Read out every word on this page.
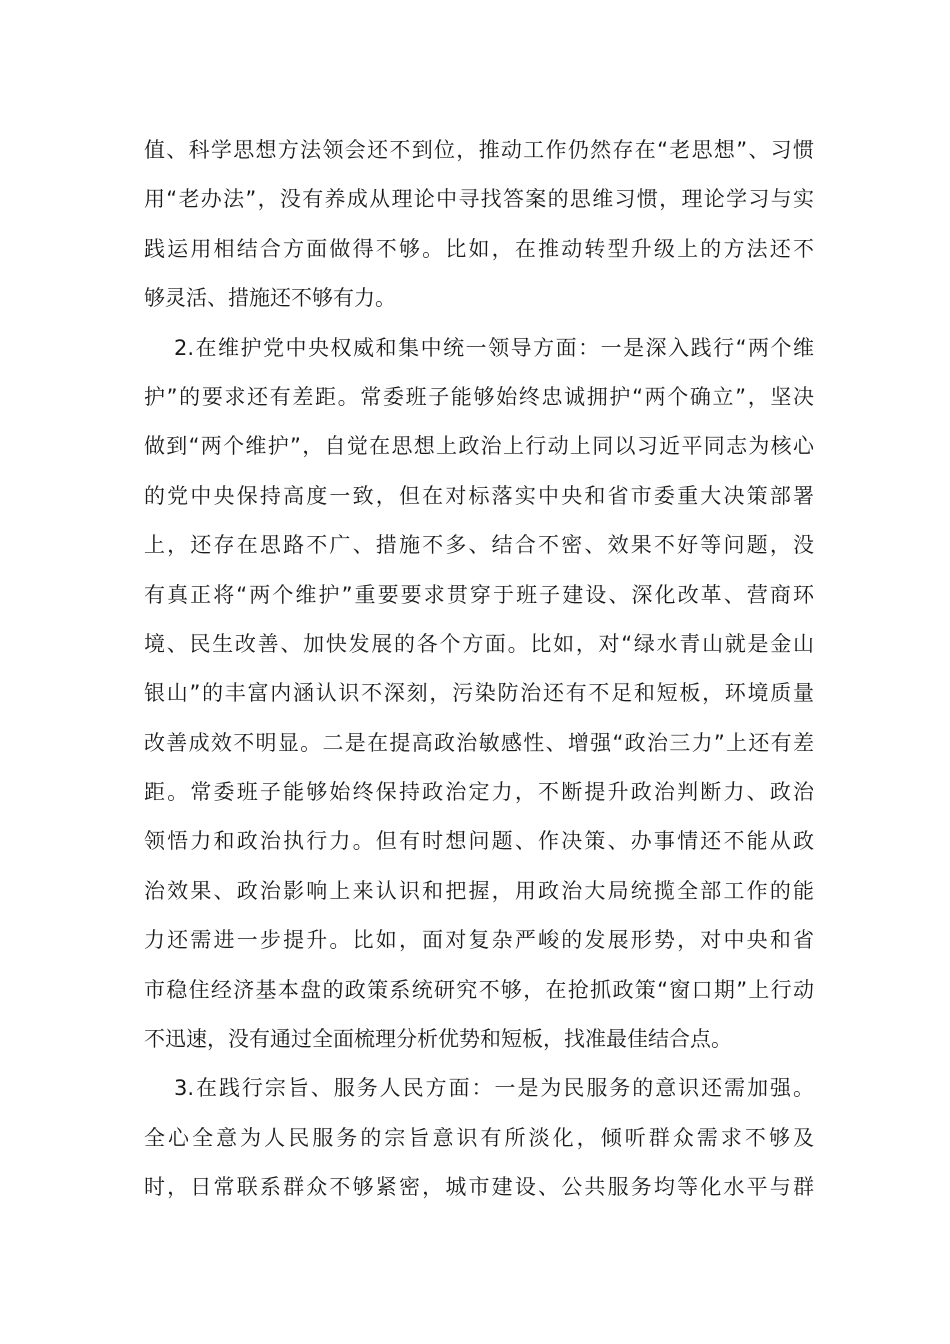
值、科学思想方法领会还不到位，推动工作仍然存在“老思想”、习惯
用“老办法”，没有养成从理论中寻找答案的思维习惯，理论学习与实
践运用相结合方面做得不够。比如，在推动转型升级上的方法还不
够灵活、措施还不够有力。
2.在维护党中央权威和集中统一领导方面：一是深入践行“两个维
护”的要求还有差距。常委班子能够始终忠诚拥护“两个确立”，坚决
做到“两个维护”，自觉在思想上政治上行动上同以习近平同志为核心
的党中央保持高度一致，但在对标落实中央和省市委重大决策部署
上，还存在思路不广、措施不多、结合不密、效果不好等问题，没
有真正将“两个维护”重要要求贯穿于班子建设、深化改革、营商环
境、民生改善、加快发展的各个方面。比如，对“绿水青山就是金山
银山”的丰富内涵认识不深刻，污染防治还有不足和短板，环境质量
改善成效不明显。二是在提高政治敏感性、增强“政治三力”上还有差
距。常委班子能够始终保持政治定力，不断提升政治判断力、政治
领悟力和政治执行力。但有时想问题、作决策、办事情还不能从政
治效果、政治影响上来认识和把握，用政治大局统揽全部工作的能
力还需进一步提升。比如，面对复杂严峻的发展形势，对中央和省
市稳住经济基本盘的政策系统研究不够，在抢抓政策“窗口期”上行动
不迅速，没有通过全面梳理分析优势和短板，找准最佳结合点。
3.在践行宗旨、服务人民方面：一是为民服务的意识还需加强。
全心全意为人民服务的宗旨意识有所淡化，倾听群众需求不够及
时，日常联系群众不够紧密，城市建设、公共服务均等化水平与群
